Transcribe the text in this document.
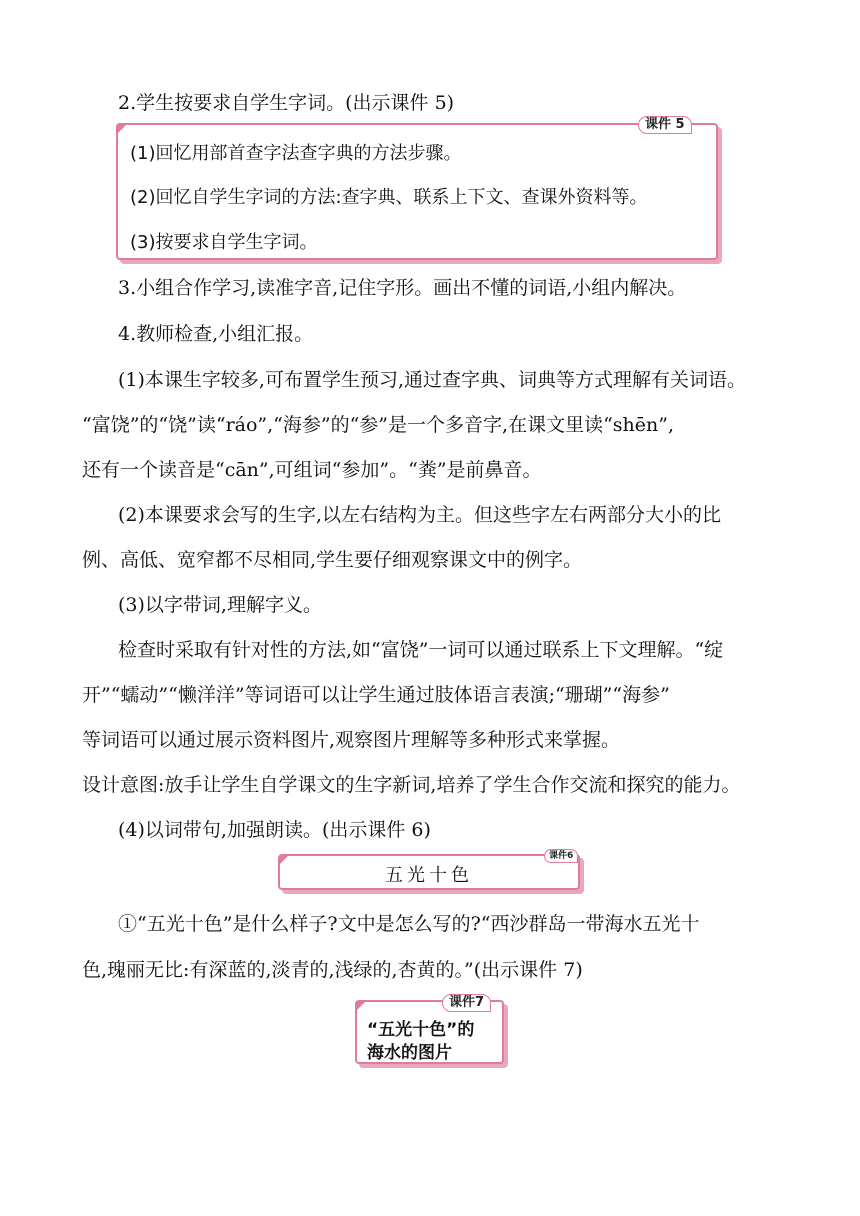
2.学生按要求自学生字词。(出示课件 5)
(1)回忆用部首查字法查字典的方法步骤。
(2)回忆自学生字词的方法:查字典、联系上下文、查课外资料等。
(3)按要求自学生字词。
课件 5
3.小组合作学习,读准字音,记住字形。画出不懂的词语,小组内解决。
4.教师检查,小组汇报。
(1)本课生字较多,可布置学生预习,通过查字典、词典等方式理解有关词语。
“富饶”的“饶”读“ráo”,“海参”的“参”是一个多音字,在课文里读“shēn”,
还有一个读音是“cān”,可组词“参加”。“粪”是前鼻音。
(2)本课要求会写的生字,以左右结构为主。但这些字左右两部分大小的比
例、高低、宽窄都不尽相同,学生要仔细观察课文中的例字。
(3)以字带词,理解字义。
检查时采取有针对性的方法,如“富饶”一词可以通过联系上下文理解。“绽
开”“蠕动”“懒洋洋”等词语可以让学生通过肢体语言表演;“珊瑚”“海参”
等词语可以通过展示资料图片,观察图片理解等多种形式来掌握。
设计意图:放手让学生自学课文的生字新词,培养了学生合作交流和探究的能力。
(4)以词带句,加强朗读。(出示课件 6)
五光十色
课件6
①“五光十色”是什么样子?文中是怎么写的?“西沙群岛一带海水五光十
色,瑰丽无比:有深蓝的,淡青的,浅绿的,杏黄的。”(出示课件 7)
“五光十色”的
海水的图片
课件7
